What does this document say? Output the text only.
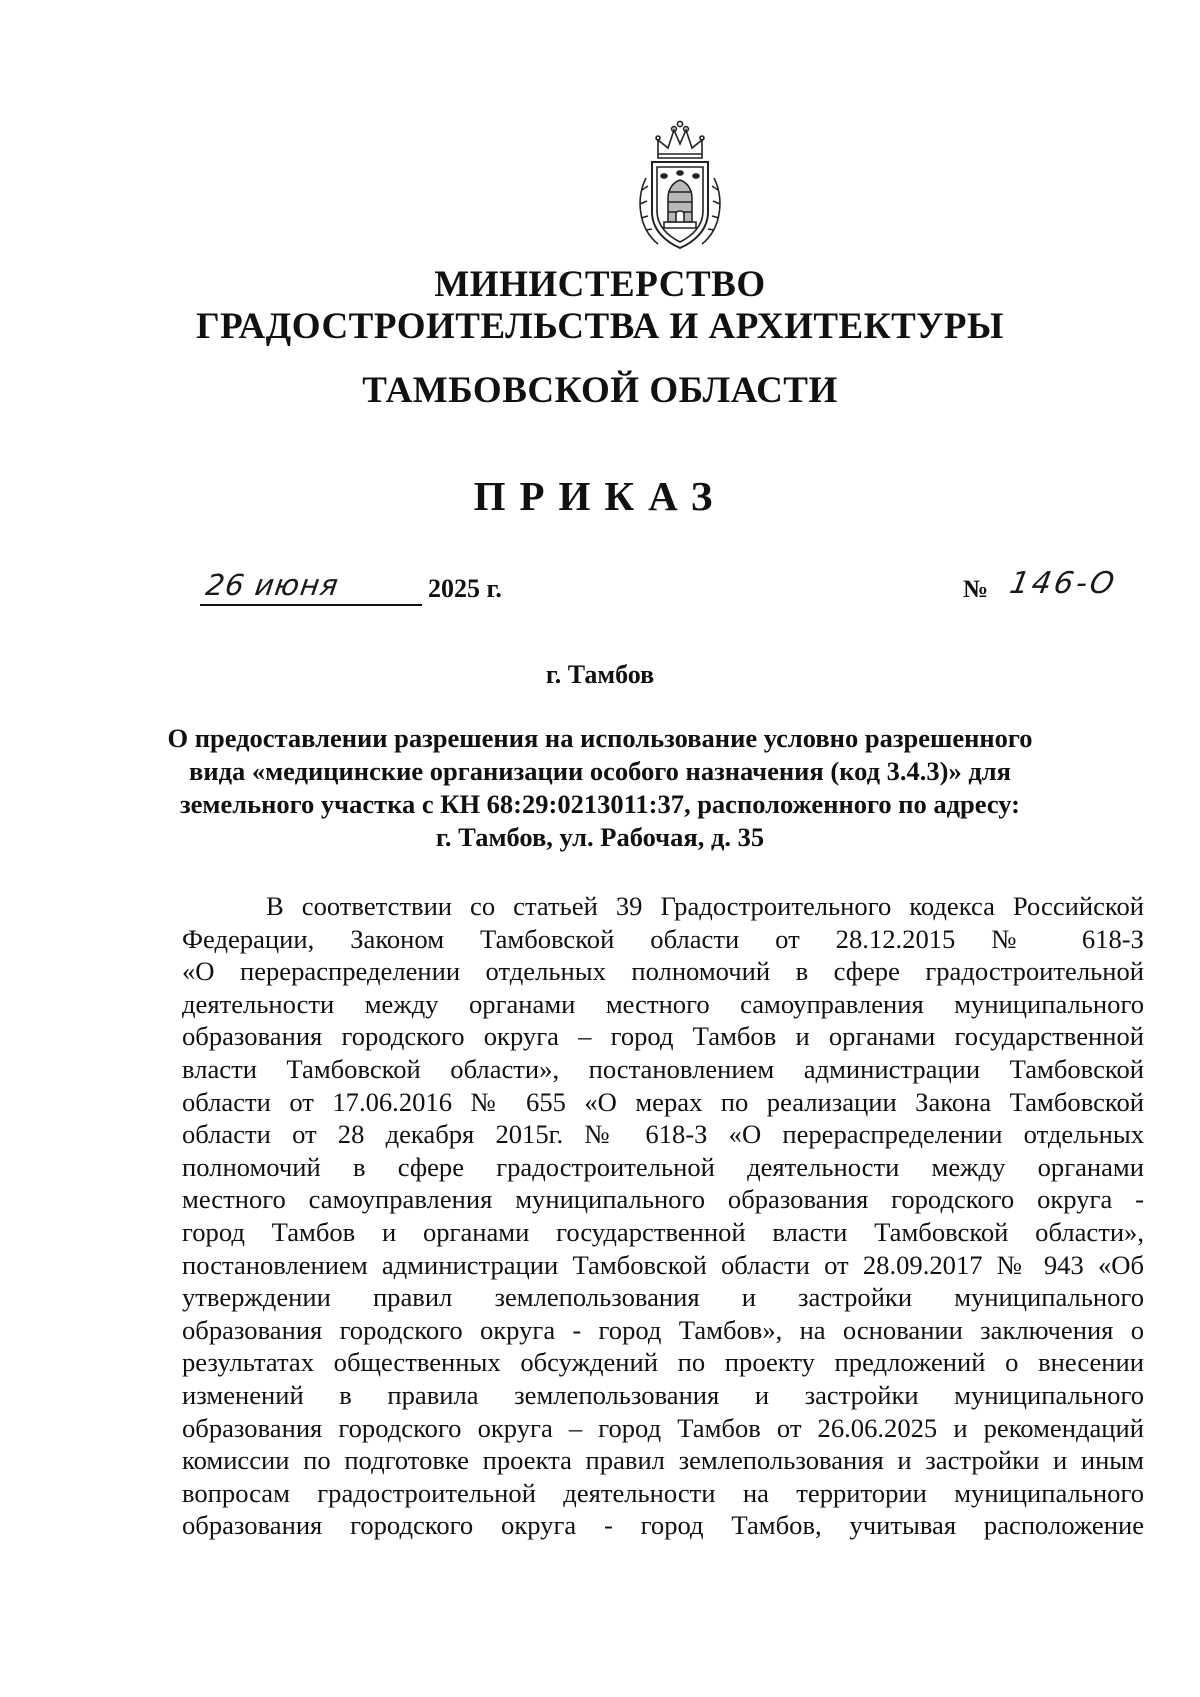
МИНИСТЕРСТВО
ГРАДОСТРОИТЕЛЬСТВА И АРХИТЕКТУРЫ
ТАМБОВСКОЙ ОБЛАСТИ
ПРИКАЗ
26 июня	2025 г.	№ 146-О
г. Тамбов
О предоставлении разрешения на использование условно разрешенного
вида «медицинские организации особого назначения (код 3.4.3)» для
земельного участка с КН 68:29:0213011:37, расположенного по адресу:
г. Тамбов, ул. Рабочая, д. 35
В соответствии со статьей 39 Градостроительного кодекса Российской
Федерации, Законом Тамбовской области от 28.12.2015 № 618-З
«О перераспределении отдельных полномочий в сфере градостроительной
деятельности между органами местного самоуправления муниципального
образования городского округа – город Тамбов и органами государственной
власти Тамбовской области», постановлением администрации Тамбовской
области от 17.06.2016 № 655 «О мерах по реализации Закона Тамбовской
области от 28 декабря 2015г. № 618-З «О перераспределении отдельных
полномочий в сфере градостроительной деятельности между органами
местного самоуправления муниципального образования городского округа -
город Тамбов и органами государственной власти Тамбовской области»,
постановлением администрации Тамбовской области от 28.09.2017 № 943 «Об
утверждении правил землепользования и застройки муниципального
образования городского округа - город Тамбов», на основании заключения о
результатах общественных обсуждений по проекту предложений о внесении
изменений в правила землепользования и застройки муниципального
образования городского округа – город Тамбов от 26.06.2025 и рекомендаций
комиссии по подготовке проекта правил землепользования и застройки и иным
вопросам градостроительной деятельности на территории муниципального
образования городского округа - город Тамбов, учитывая расположение
